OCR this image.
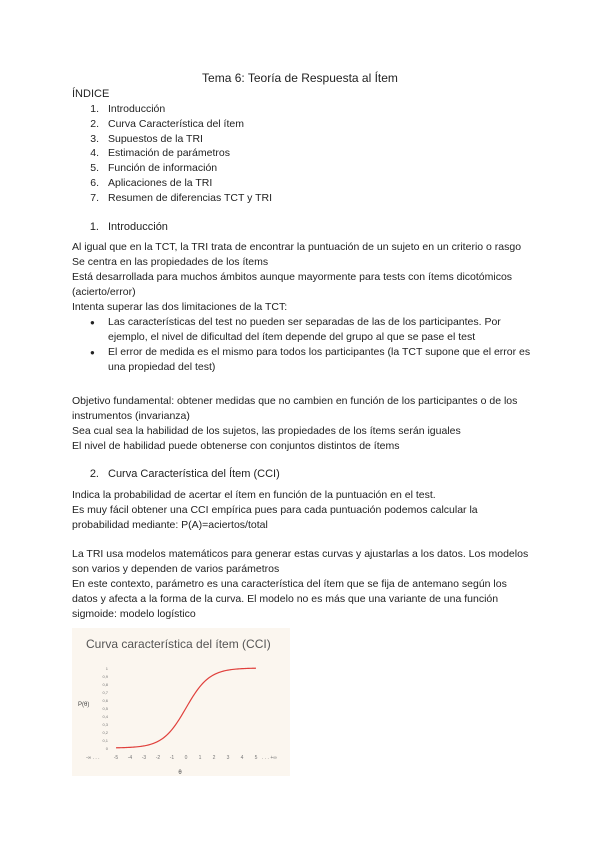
Tema 6: Teoría de Respuesta al Ítem
ÍNDICE
1. Introducción
2. Curva Característica del ítem
3. Supuestos de la TRI
4. Estimación de parámetros
5. Función de información
6. Aplicaciones de la TRI
7. Resumen de diferencias TCT y TRI
1. Introducción

Al igual que en la TCT, la TRI trata de encontrar la puntuación de un sujeto en un criterio o rasgo

Se centra en las propiedades de los ítems

Está desarrollada para muchos ámbitos aunque mayormente para tests con ítems dicotómicos (acierto/error)

Intenta superar las dos limitaciones de la TCT:

● Las características del test no pueden ser separadas de las de los participantes. Por ejemplo, el nivel de dificultad del ítem depende del grupo al que se pase el test
● El error de medida es el mismo para todos los participantes (la TCT supone que el error es una propiedad del test)

Objetivo fundamental: obtener medidas que no cambien en función de los participantes o de los instrumentos (invarianza)

Sea cual sea la habilidad de los sujetos, las propiedades de los ítems serán iguales

El nivel de habilidad puede obtenerse con conjuntos distintos de ítems

2. Curva Característica del Ítem (CCI)

Indica la probabilidad de acertar el ítem en función de la puntuación en el test.

Es muy fácil obtener una CCI empírica pues para cada puntuación podemos calcular la probabilidad mediante: P(A)=aciertos/total

La TRI usa modelos matemáticos para generar estas curvas y ajustarlas a los datos. Los modelos son varios y dependen de varios parámetros

En este contexto, parámetro es una característica del ítem que se fija de antemano según los datos y afecta a la forma de la curva. El modelo no es más que una variante de una función sigmoide: modelo logístico

Curva característica del ítem (CCI)
0
0,1
0,2
0,3
0,4
0,5
0,6
0,7
0,8
0,9
1
P(θ)
-∞ . . .	-5 -4 -3 -2 -1 0 1 2 3 4 5 . . . +∞
θ
